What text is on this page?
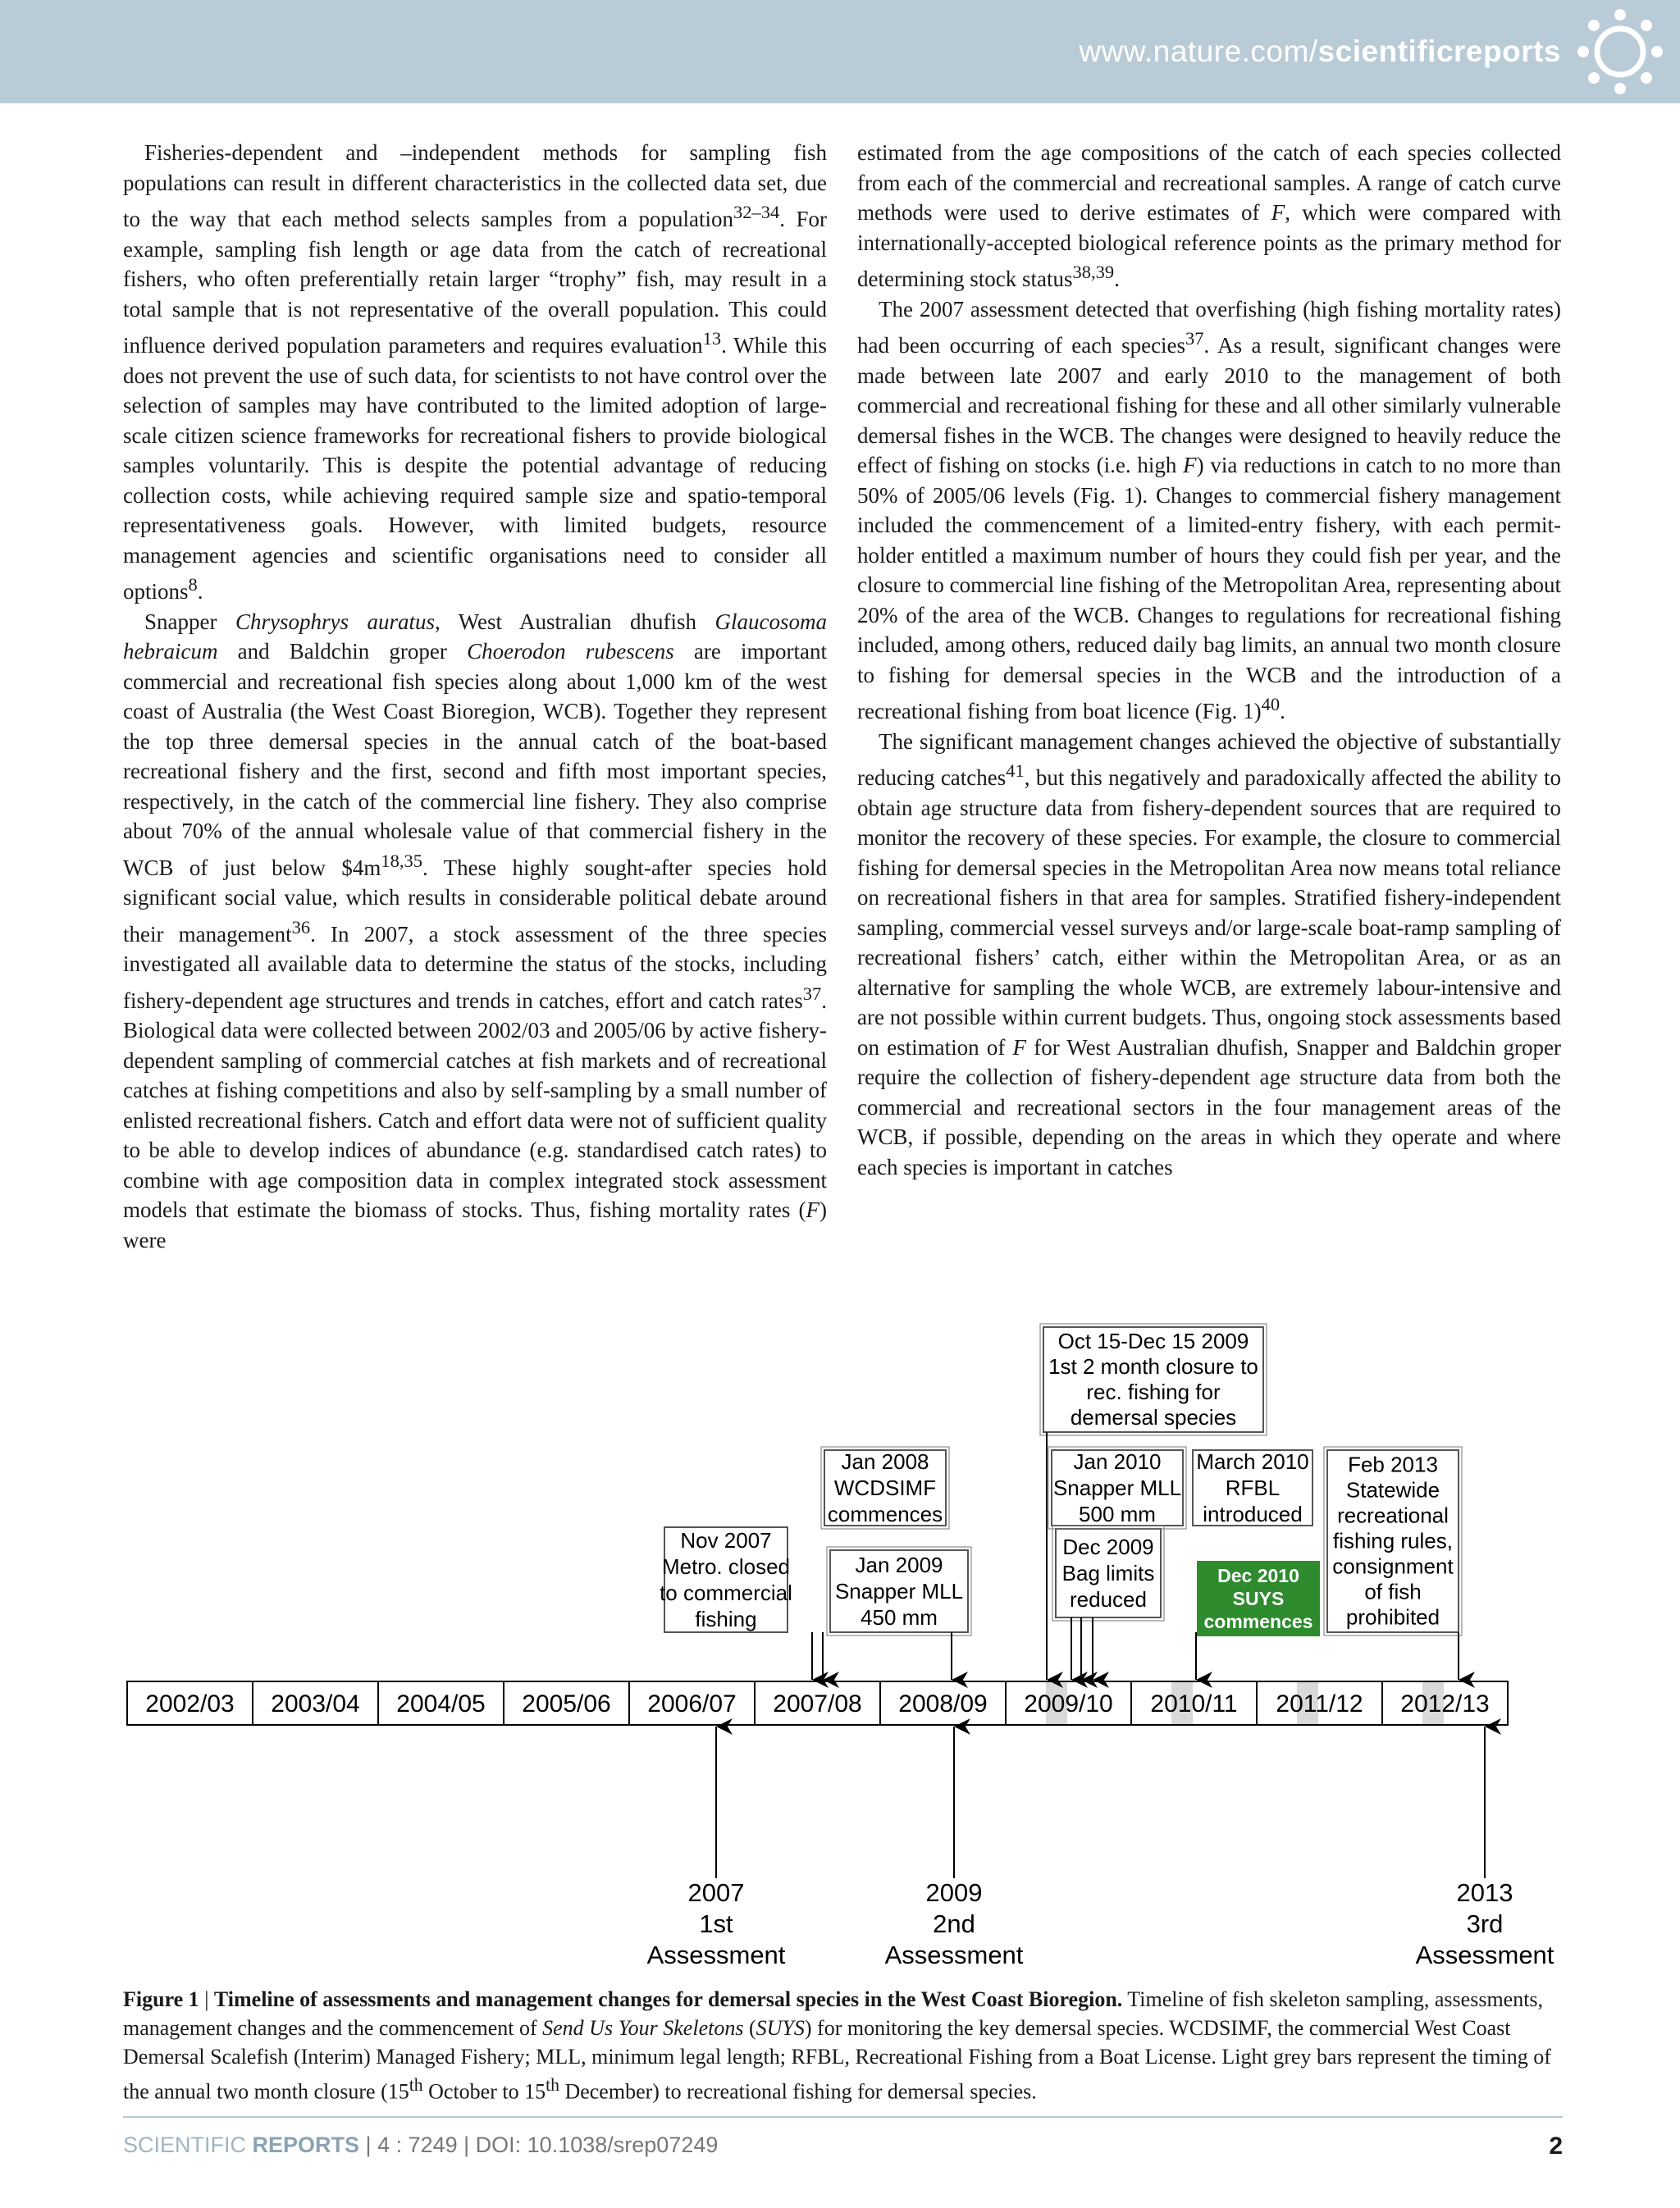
www.nature.com/scientificreports

Fisheries-dependent and –independent methods for sampling fish populations can result in different characteristics in the collected data set, due to the way that each method selects samples from a population$^{32-34}$. For example, sampling fish length or age data from the catch of recreational fishers, who often preferentially retain larger “trophy” fish, may result in a total sample that is not representative of the overall population. This could influence derived population parameters and requires evaluation$^{13}$. While this does not prevent the use of such data, for scientists to not have control over the selection of samples may have contributed to the limited adoption of large-scale citizen science frameworks for recreational fishers to provide biological samples voluntarily. This is despite the potential advantage of reducing collection costs, while achieving required sample size and spatio-temporal representativeness goals. However, with limited budgets, resource management agencies and scientific organisations need to consider all options$^8$.

Snapper Chrysophrys auratus, West Australian dhufish Glaucosoma hebraicum and Baldchin groper Choerodon rubescens are important commercial and recreational fish species along about 1,000 km of the west coast of Australia (the West Coast Bioregion, WCB). Together they represent the top three demersal species in the annual catch of the boat-based recreational fishery and the first, second and fifth most important species, respectively, in the catch of the commercial line fishery. They also comprise about 70% of the annual wholesale value of that commercial fishery in the WCB of just below $\$4m^{18,35}$. These highly sought-after species hold significant social value, which results in considerable political debate around their management$^{36}$. In 2007, a stock assessment of the three species investigated all available data to determine the status of the stocks, including fishery-dependent age structures and trends in catches, effort and catch rates$^{37}$. Biological data were collected between 2002/03 and 2005/06 by active fishery-dependent sampling of commercial catches at fish markets and of recreational catches at fishing competitions and also by self-sampling by a small number of enlisted recreational fishers. Catch and effort data were not of sufficient quality to be able to develop indices of abundance (e.g. standardised catch rates) to combine with age composition data in complex integrated stock assessment models that estimate the biomass of stocks. Thus, fishing mortality rates (F) were

estimated from the age compositions of the catch of each species collected from each of the commercial and recreational samples. A range of catch curve methods were used to derive estimates of F, which were compared with internationally-accepted biological reference points as the primary method for determining stock status$^{38,39}$.

The 2007 assessment detected that overfishing (high fishing mortality rates) had been occurring of each species$^{37}$. As a result, significant changes were made between late 2007 and early 2010 to the management of both commercial and recreational fishing for these and all other similarly vulnerable demersal fishes in the WCB. The changes were designed to heavily reduce the effect of fishing on stocks (i.e. high F) via reductions in catch to no more than 50% of 2005/06 levels (Fig. 1). Changes to commercial fishery management included the commencement of a limited-entry fishery, with each permit-holder entitled a maximum number of hours they could fish per year, and the closure to commercial line fishing of the Metropolitan Area, representing about 20% of the area of the WCB. Changes to regulations for recreational fishing included, among others, reduced daily bag limits, an annual two month closure to fishing for demersal species in the WCB and the introduction of a recreational fishing from boat licence (Fig. 1)$^{40}$.

The significant management changes achieved the objective of substantially reducing catches$^{41}$, but this negatively and paradoxically affected the ability to obtain age structure data from fishery-dependent sources that are required to monitor the recovery of these species. For example, the closure to commercial fishing for demersal species in the Metropolitan Area now means total reliance on recreational fishers in that area for samples. Stratified fishery-independent sampling, commercial vessel surveys and/or large-scale boat-ramp sampling of recreational fishers’ catch, either within the Metropolitan Area, or as an alternative for sampling the whole WCB, are extremely labour-intensive and are not possible within current budgets. Thus, ongoing stock assessments based on estimation of F for West Australian dhufish, Snapper and Baldchin groper require the collection of fishery-dependent age structure data from both the commercial and recreational sectors in the four management areas of the WCB, if possible, depending on the areas in which they operate and where each species is important in catches

2002/03 2003/04 2004/05 2005/06 2006/07 2007/08 2008/09 2009/10 2010/11 2011/12 2012/13
Nov 2007
Metro. closed
to commercial
fishing
Jan 2008
WCDSIMF
commences
Jan 2009
Snapper MLL
450 mm
Oct 15-Dec 15 2009
1st 2 month closure to
rec. fishing for
demersal species
Jan 2010
Snapper MLL
500 mm
Dec 2009
Bag limits
reduced
March 2010
RFBL
introduced
Dec 2010
SUYS
commences
Feb 2013
Statewide
recreational
fishing rules,
consignment
of fish
prohibited
2007
1st
Assessment
2009
2nd
Assessment
2013
3rd
Assessment
Figure 1 | Timeline of assessments and management changes for demersal species in the West Coast Bioregion. Timeline of fish skeleton sampling, assessments, management changes and the commencement of Send Us Your Skeletons (SUYS) for monitoring the key demersal species. WCDSIMF, the commercial West Coast Demersal Scalefish (Interim) Managed Fishery; MLL, minimum legal length; RFBL, Recreational Fishing from a Boat License. Light grey bars represent the timing of the annual two month closure (15th October to 15th December) to recreational fishing for demersal species.
SCIENTIFIC REPORTS | 4 : 7249 | DOI: 10.1038/srep07249	2
